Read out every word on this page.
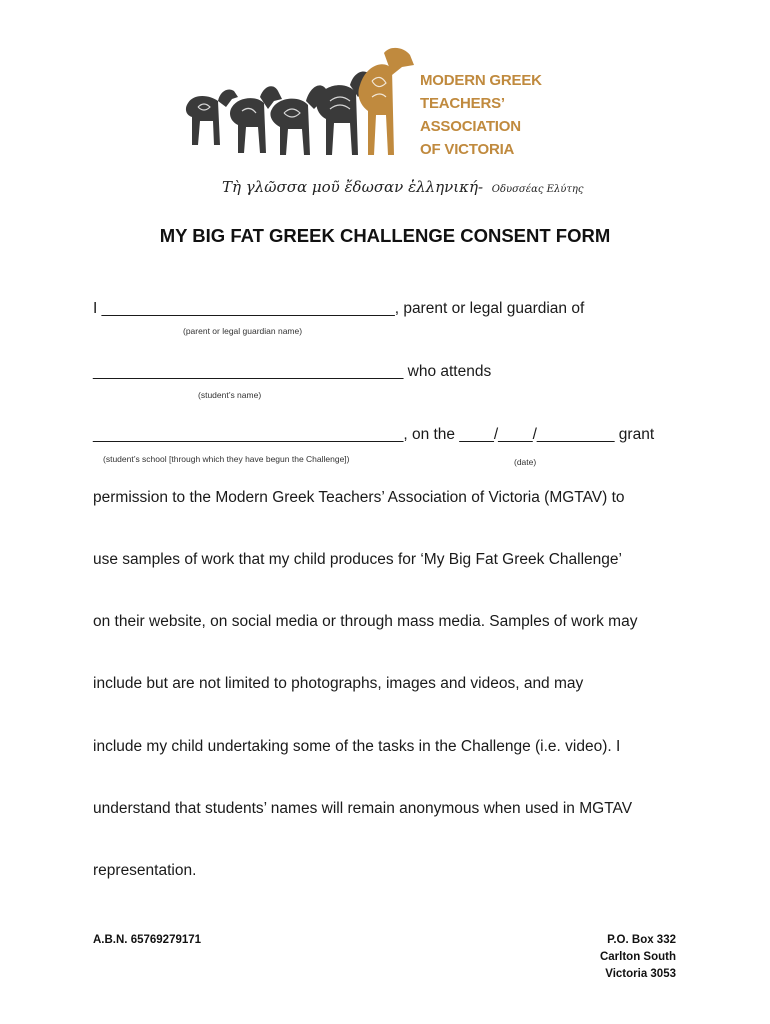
MODERN GREEK
TEACHERS’ ASSOCIATION
OF VICTORIA
Τὴ γλῶσσα μοῦ ἔδωσαν ἑλληνική- Οδυσσέας Ελύτης
MY BIG FAT GREEK CHALLENGE CONSENT FORM
I __________________________________, parent or legal guardian of
(parent or legal guardian name)
____________________________________ who attends
(student’s name)
____________________________________, on the ____/____/_________ grant
(student’s school [through which they have begun the Challenge])	(date)
permission to the Modern Greek Teachers’ Association of Victoria (MGTAV) to
use samples of work that my child produces for ‘My Big Fat Greek Challenge’
on their website, on social media or through mass media. Samples of work may
include but are not limited to photographs, images and videos, and may
include my child undertaking some of the tasks in the Challenge (i.e. video). I
understand that students’ names will remain anonymous when used in MGTAV
representation.
A.B.N. 65769279171	P.O. Box 332
Carlton South
Victoria 3053
